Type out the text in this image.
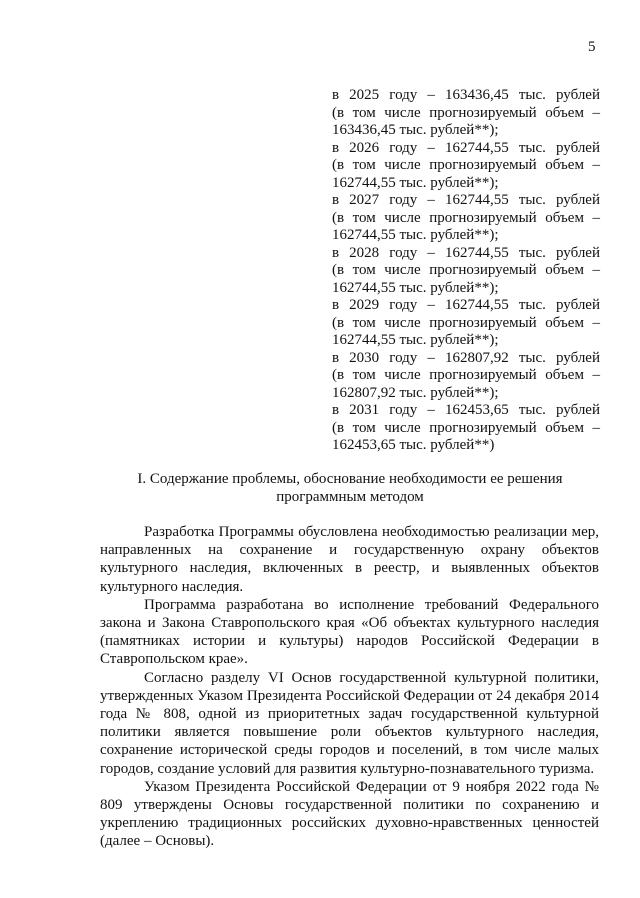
5
в 2025 году – 163436,45 тыс. рублей
(в том числе прогнозируемый объем –
163436,45 тыс. рублей**);
в 2026 году – 162744,55 тыс. рублей
(в том числе прогнозируемый объем –
162744,55 тыс. рублей**);
в 2027 году – 162744,55 тыс. рублей
(в том числе прогнозируемый объем –
162744,55 тыс. рублей**);
в 2028 году – 162744,55 тыс. рублей
(в том числе прогнозируемый объем –
162744,55 тыс. рублей**);
в 2029 году – 162744,55 тыс. рублей
(в том числе прогнозируемый объем –
162744,55 тыс. рублей**);
в 2030 году – 162807,92 тыс. рублей
(в том числе прогнозируемый объем –
162807,92 тыс. рублей**);
в 2031 году – 162453,65 тыс. рублей
(в том числе прогнозируемый объем –
162453,65 тыс. рублей**)
I. Содержание проблемы, обоснование необходимости ее решения
программным методом

Разработка Программы обусловлена необходимостью реализации мер, направленных на сохранение и государственную охрану объектов культурного наследия, включенных в реестр, и выявленных объектов культурного наследия.

Программа разработана во исполнение требований Федерального закона и Закона Ставропольского края «Об объектах культурного наследия (памятниках истории и культуры) народов Российской Федерации в Ставропольском крае».

Согласно разделу VI Основ государственной культурной политики, утвержденных Указом Президента Российской Федерации от 24 декабря 2014 года № 808, одной из приоритетных задач государственной культурной политики является повышение роли объектов культурного наследия, сохранение исторической среды городов и поселений, в том числе малых городов, создание условий для развития культурно-познавательного туризма.

Указом Президента Российской Федерации от 9 ноября 2022 года № 809 утверждены Основы государственной политики по сохранению и укреплению традиционных российских духовно-нравственных ценностей (далее – Основы).
